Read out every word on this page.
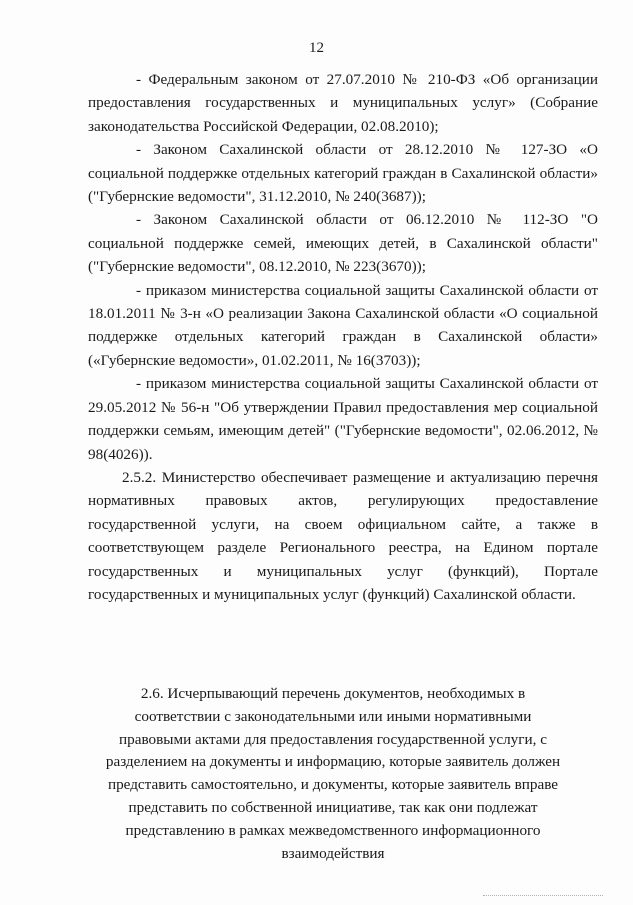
12

- Федеральным законом от 27.07.2010 № 210-ФЗ «Об организации предоставления государственных и муниципальных услуг» (Собрание законодательства Российской Федерации, 02.08.2010);

- Законом Сахалинской области от 28.12.2010 № 127-ЗО «О социальной поддержке отдельных категорий граждан в Сахалинской области» ("Губернские ведомости", 31.12.2010, № 240(3687));

- Законом Сахалинской области от 06.12.2010 № 112-ЗО "О социальной поддержке семей, имеющих детей, в Сахалинской области" ("Губернские ведомости", 08.12.2010, № 223(3670));

- приказом министерства социальной защиты Сахалинской области от 18.01.2011 № 3-н «О реализации Закона Сахалинской области «О социальной поддержке отдельных категорий граждан в Сахалинской области» («Губернские ведомости», 01.02.2011, № 16(3703));

- приказом министерства социальной защиты Сахалинской области от 29.05.2012 № 56-н "Об утверждении Правил предоставления мер социальной поддержки семьям, имеющим детей" ("Губернские ведомости", 02.06.2012, № 98(4026)).

2.5.2. Министерство обеспечивает размещение и актуализацию перечня нормативных правовых актов, регулирующих предоставление государственной услуги, на своем официальном сайте, а также в соответствующем разделе Регионального реестра, на Едином портале государственных и муниципальных услуг (функций), Портале государственных и муниципальных услуг (функций) Сахалинской области.

2.6. Исчерпывающий перечень документов, необходимых в соответствии с законодательными или иными нормативными правовыми актами для предоставления государственной услуги, с разделением на документы и информацию, которые заявитель должен представить самостоятельно, и документы, которые заявитель вправе представить по собственной инициативе, так как они подлежат представлению в рамках межведомственного информационного взаимодействия
